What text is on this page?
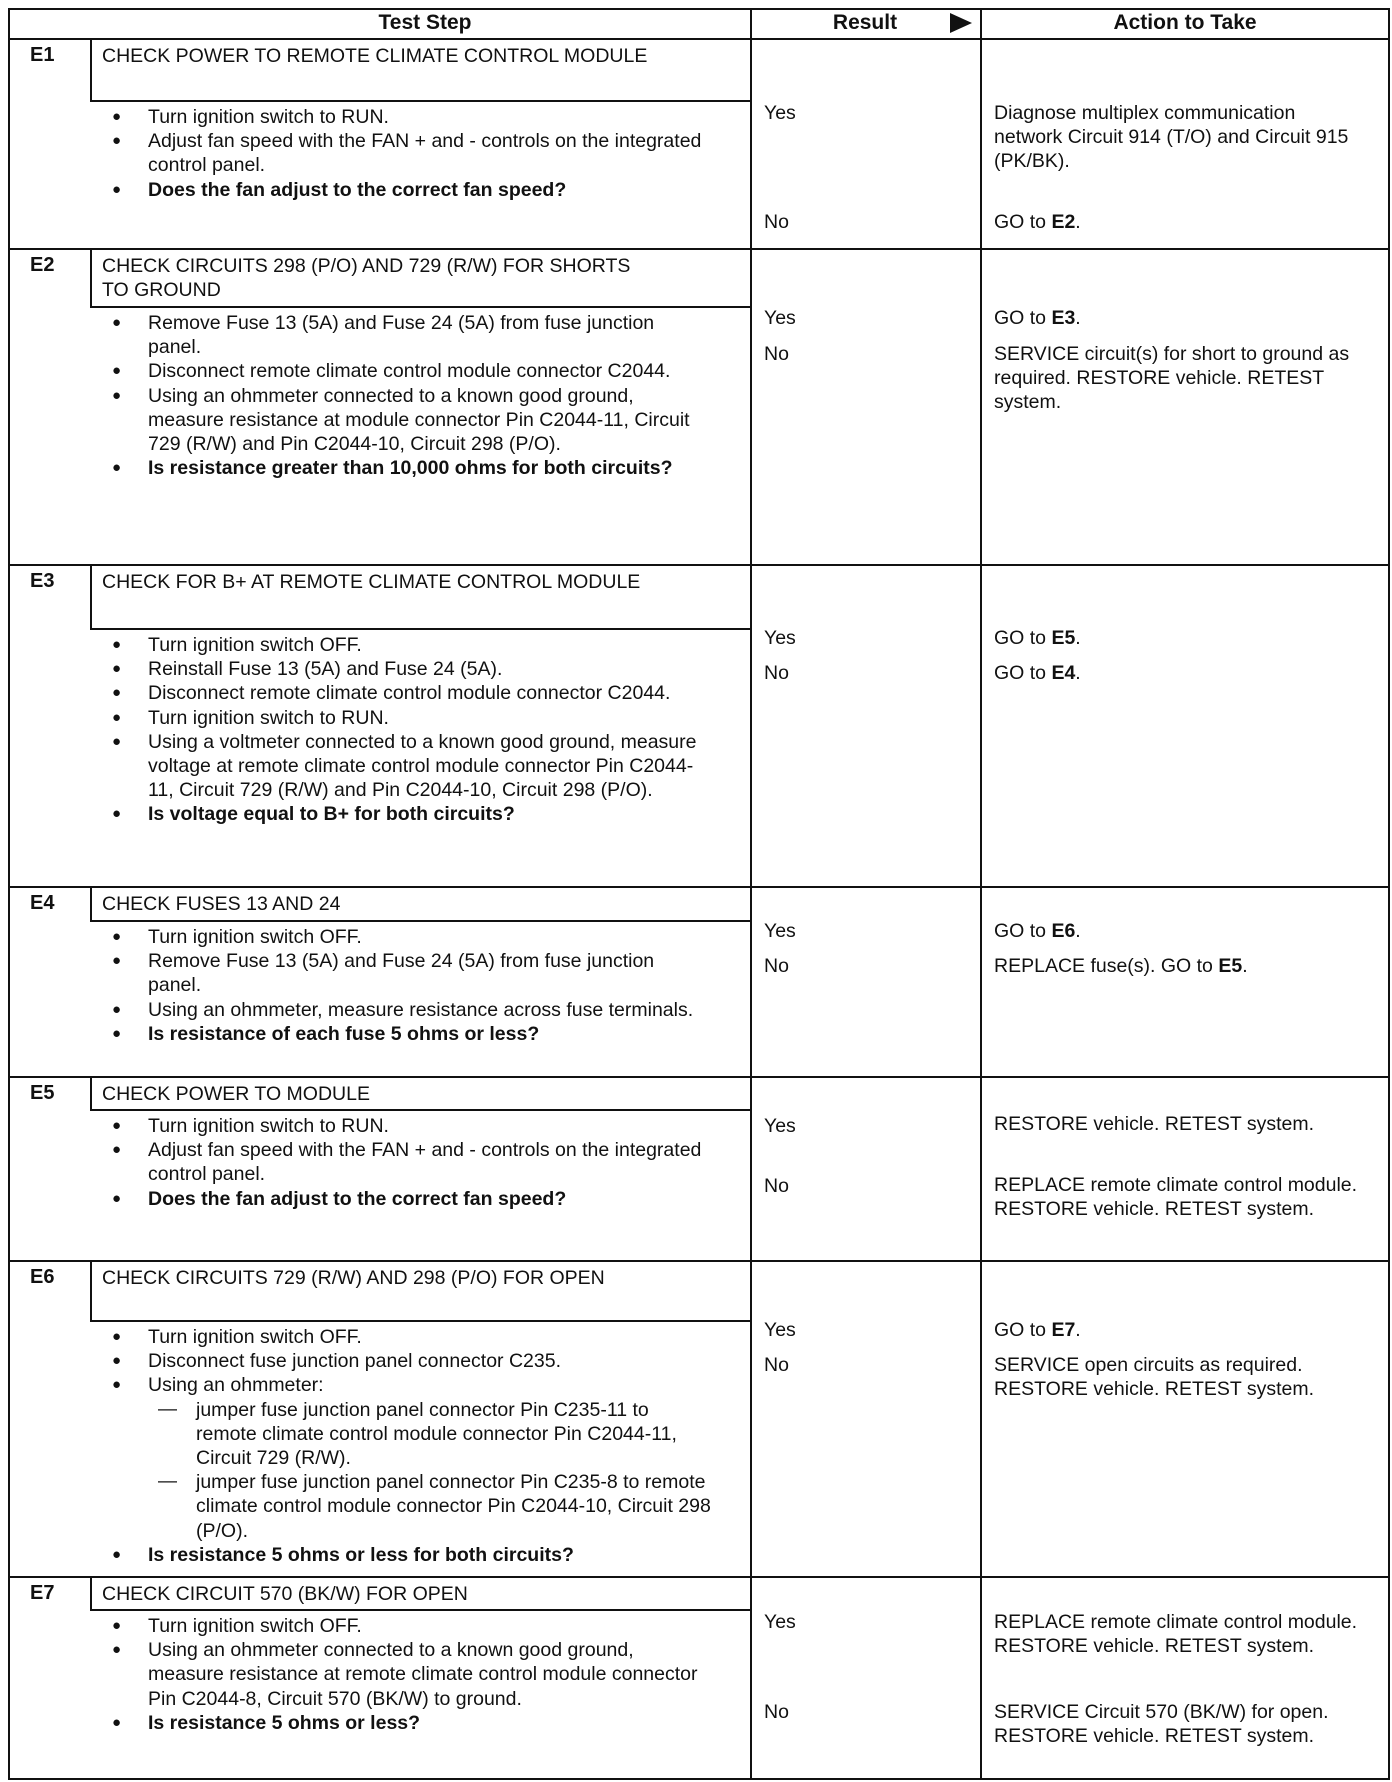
Test Step	Result	Action to Take
E1 CHECK POWER TO REMOTE CLIMATE CONTROL MODULE
● Turn ignition switch to RUN.
● Adjust fan speed with the FAN + and - controls on the integrated control panel.
● Does the fan adjust to the correct fan speed?
Yes	Diagnose multiplex communication network Circuit 914 (T/O) and Circuit 915 (PK/BK).
No	GO to E2.
E2 CHECK CIRCUITS 298 (P/O) AND 729 (R/W) FOR SHORTS TO GROUND
● Remove Fuse 13 (5A) and Fuse 24 (5A) from fuse junction panel.
● Disconnect remote climate control module connector C2044.
● Using an ohmmeter connected to a known good ground, measure resistance at module connector Pin C2044-11, Circuit 729 (R/W) and Pin C2044-10, Circuit 298 (P/O).
● Is resistance greater than 10,000 ohms for both circuits?
Yes	GO to E3.
No	SERVICE circuit(s) for short to ground as required. RESTORE vehicle. RETEST system.
E3 CHECK FOR B+ AT REMOTE CLIMATE CONTROL MODULE
● Turn ignition switch OFF.
● Reinstall Fuse 13 (5A) and Fuse 24 (5A).
● Disconnect remote climate control module connector C2044.
● Turn ignition switch to RUN.
● Using a voltmeter connected to a known good ground, measure voltage at remote climate control module connector Pin C2044-11, Circuit 729 (R/W) and Pin C2044-10, Circuit 298 (P/O).
● Is voltage equal to B+ for both circuits?
Yes	GO to E5.
No	GO to E4.
E4 CHECK FUSES 13 AND 24
● Turn ignition switch OFF.
● Remove Fuse 13 (5A) and Fuse 24 (5A) from fuse junction panel.
● Using an ohmmeter, measure resistance across fuse terminals.
● Is resistance of each fuse 5 ohms or less?
Yes	GO to E6.
No	REPLACE fuse(s). GO to E5.
E5 CHECK POWER TO MODULE
● Turn ignition switch to RUN.
● Adjust fan speed with the FAN + and - controls on the integrated control panel.
● Does the fan adjust to the correct fan speed?
Yes	RESTORE vehicle. RETEST system.
No	REPLACE remote climate control module. RESTORE vehicle. RETEST system.
E6 CHECK CIRCUITS 729 (R/W) AND 298 (P/O) FOR OPEN
● Turn ignition switch OFF.
● Disconnect fuse junction panel connector C235.
● Using an ohmmeter:
— jumper fuse junction panel connector Pin C235-11 to remote climate control module connector Pin C2044-11, Circuit 729 (R/W).
— jumper fuse junction panel connector Pin C235-8 to remote climate control module connector Pin C2044-10, Circuit 298 (P/O).
● Is resistance 5 ohms or less for both circuits?
Yes	GO to E7.
No	SERVICE open circuits as required. RESTORE vehicle. RETEST system.
E7 CHECK CIRCUIT 570 (BK/W) FOR OPEN
● Turn ignition switch OFF.
● Using an ohmmeter connected to a known good ground, measure resistance at remote climate control module connector Pin C2044-8, Circuit 570 (BK/W) to ground.
● Is resistance 5 ohms or less?
Yes	REPLACE remote climate control module. RESTORE vehicle. RETEST system.
No	SERVICE Circuit 570 (BK/W) for open. RESTORE vehicle. RETEST system.
